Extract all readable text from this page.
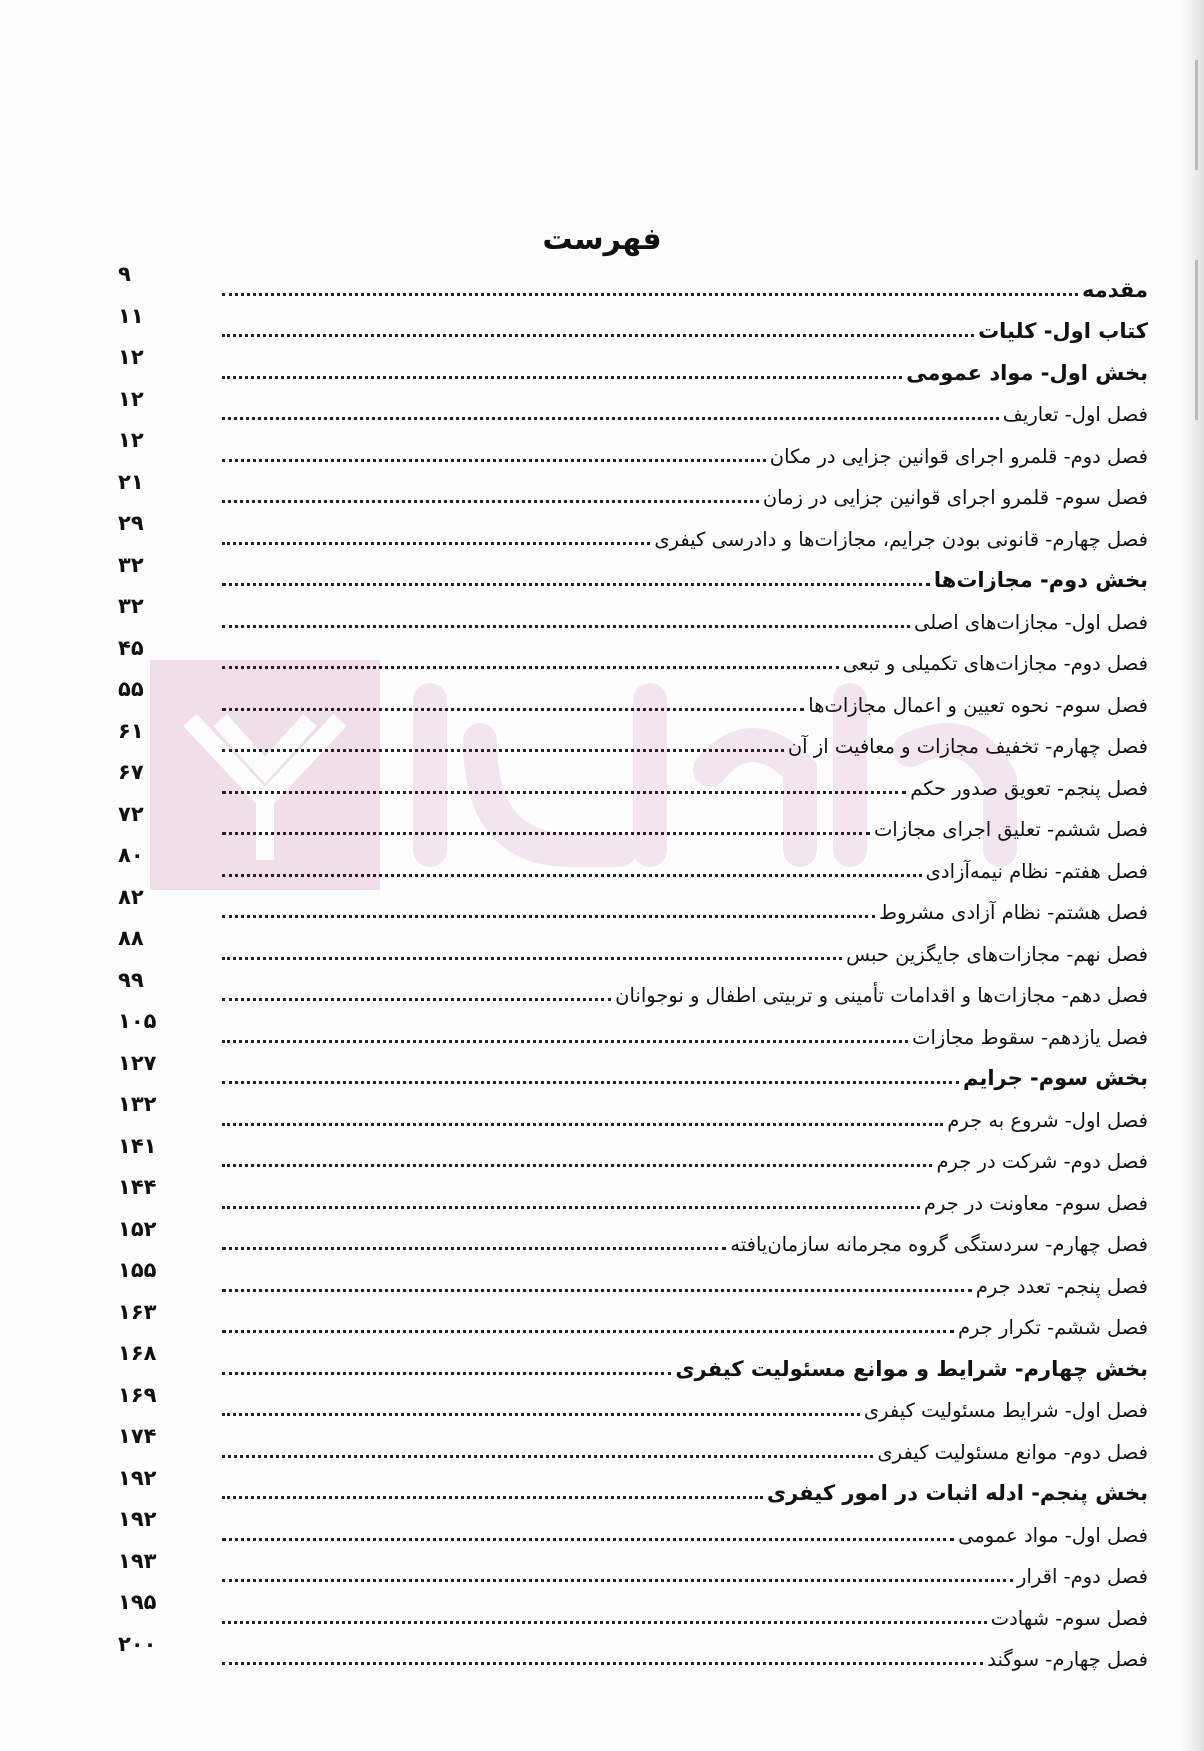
فهرست
۹
مقدمه
۱۱
کتاب اول- کلیات
۱۲
بخش اول- مواد عمومی
۱۲
فصل اول- تعاریف
۱۲
فصل دوم- قلمرو اجرای قوانین جزایی در مکان
۲۱
فصل سوم- قلمرو اجرای قوانین جزایی در زمان
۲۹
فصل چهارم- قانونی بودن جرایم، مجازات‌ها و دادرسی کیفری
۳۲
بخش دوم- مجازات‌ها
۳۲
فصل اول- مجازات‌های اصلی
۴۵
فصل دوم- مجازات‌های تکمیلی و تبعی
۵۵
فصل سوم- نحوه تعیین و اعمال مجازات‌ها
۶۱
فصل چهارم- تخفیف مجازات و معافیت از آن
۶۷
فصل پنجم- تعویق صدور حکم
۷۲
فصل ششم- تعلیق اجرای مجازات
۸۰
فصل هفتم- نظام نیمه‌آزادی
۸۲
فصل هشتم- نظام آزادی مشروط
۸۸
فصل نهم- مجازات‌های جایگزین حبس
۹۹
فصل دهم- مجازات‌ها و اقدامات تأمینی و تربیتی اطفال و نوجوانان
۱۰۵
فصل یازدهم- سقوط مجازات
۱۲۷
بخش سوم- جرایم
۱۳۲
فصل اول- شروع به جرم
۱۴۱
فصل دوم- شرکت در جرم
۱۴۴
فصل سوم- معاونت در جرم
۱۵۲
فصل چهارم- سردستگی گروه مجرمانه سازمان‌یافته
۱۵۵
فصل پنجم- تعدد جرم
۱۶۳
فصل ششم- تکرار جرم
۱۶۸
بخش چهارم- شرایط و موانع مسئولیت کیفری
۱۶۹
فصل اول- شرایط مسئولیت کیفری
۱۷۴
فصل دوم- موانع مسئولیت کیفری
۱۹۲
بخش پنجم- ادله اثبات در امور کیفری
۱۹۲
فصل اول- مواد عمومی
۱۹۳
فصل دوم- اقرار
۱۹۵
فصل سوم- شهادت
۲۰۰
فصل چهارم- سوگند
